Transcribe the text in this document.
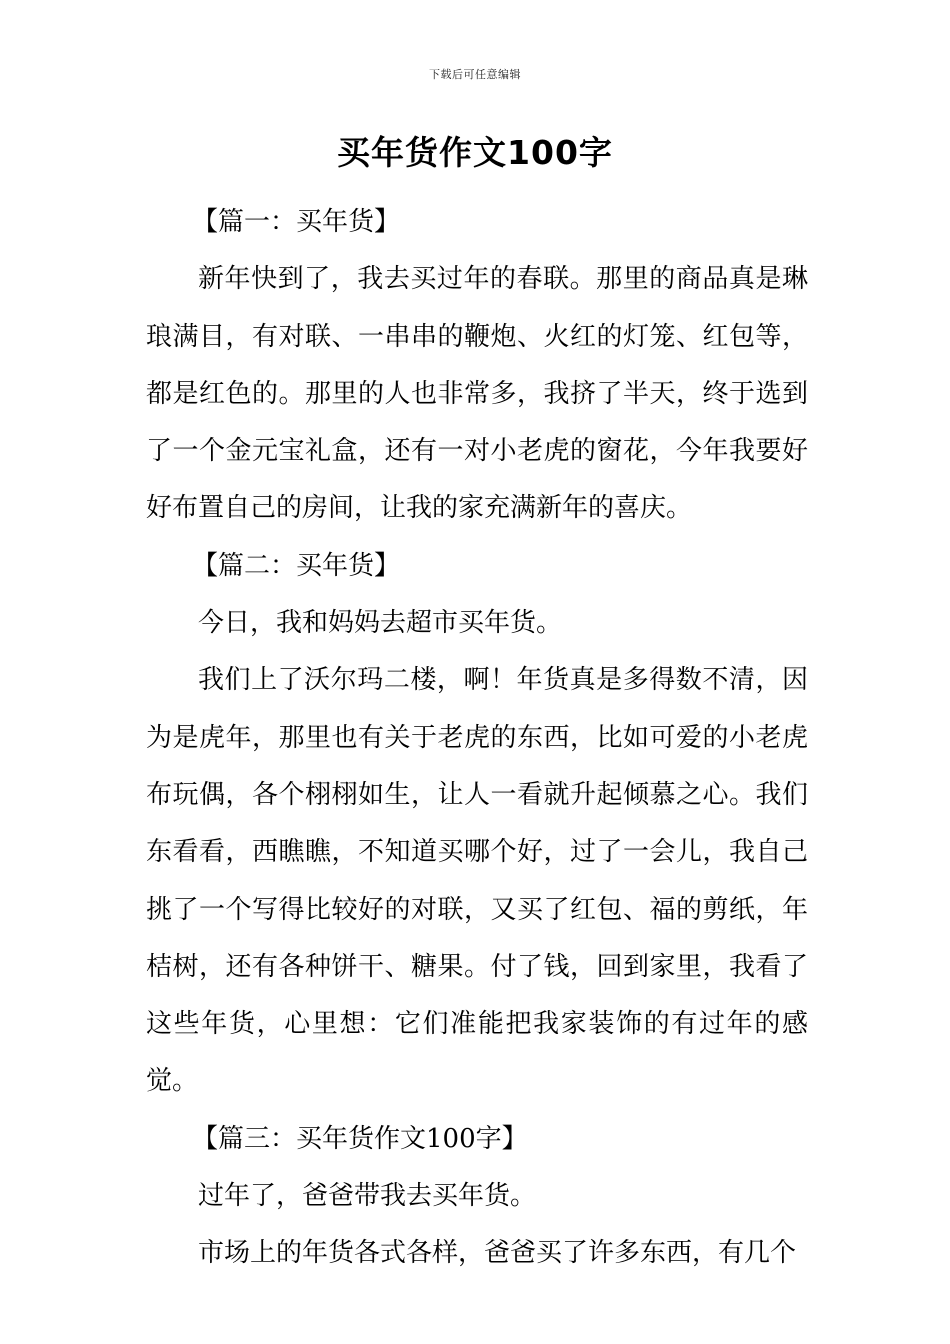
下载后可任意编辑
买年货作文100字

【篇一：买年货】

新年快到了，我去买过年的春联。那里的商品真是琳琅满目，有对联、一串串的鞭炮、火红的灯笼、红包等，都是红色的。那里的人也非常多，我挤了半天，终于选到了一个金元宝礼盒，还有一对小老虎的窗花，今年我要好好布置自己的房间，让我的家充满新年的喜庆。

【篇二：买年货】

今日，我和妈妈去超市买年货。

我们上了沃尔玛二楼，啊！年货真是多得数不清，因为是虎年，那里也有关于老虎的东西，比如可爱的小老虎布玩偶，各个栩栩如生，让人一看就升起倾慕之心。我们东看看，西瞧瞧，不知道买哪个好，过了一会儿，我自己挑了一个写得比较好的对联，又买了红包、福的剪纸，年桔树，还有各种饼干、糖果。付了钱，回到家里，我看了这些年货，心里想：它们准能把我家装饰的有过年的感觉。

【篇三：买年货作文100字】

过年了，爸爸带我去买年货。

市场上的年货各式各样，爸爸买了许多东西，有几个
